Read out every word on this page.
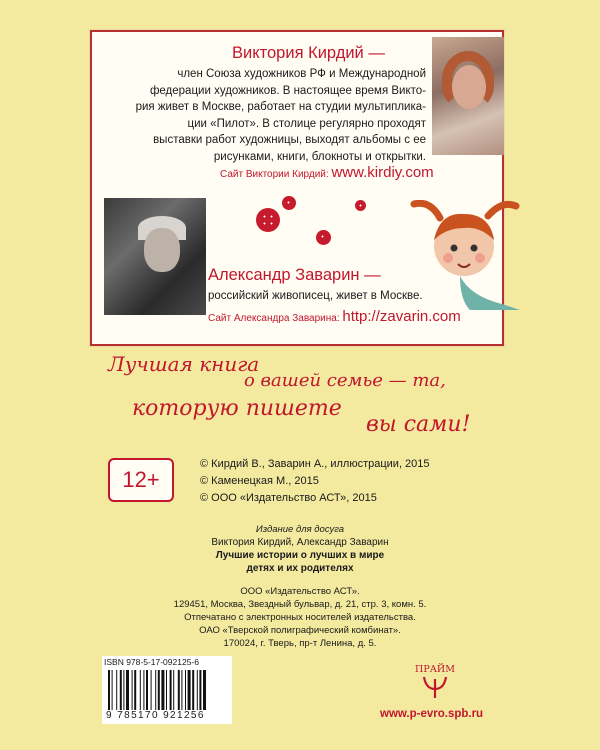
Виктория Кирдий —
член Союза художников РФ и Международной
федерации художников. В настоящее время Викто-
рия живет в Москве, работает на студии мультиплика-
ции «Пилот». В столице регулярно проходят
выставки работ художницы, выходят альбомы с ее
рисунками, книги, блокноты и открытки.
Сайт Виктории Кирдий: www.kirdiy.com
Александр Заварин —
российский живописец, живет в Москве.
Сайт Александра Заварина: http://zavarin.com
Лучшая книга
о вашей семье — та,
которую пишете
вы сами!
12+
© Кирдий В., Заварин А., иллюстрации, 2015
© Каменецкая М., 2015
© ООО «Издательство АСТ», 2015
Издание для досуга
Виктория Кирдий, Александр Заварин
Лучшие истории о лучших в мире
детях и их родителях
ООО «Издательство АСТ».
129451, Москва, Звездный бульвар, д. 21, стр. 3, комн. 5.
Отпечатано с электронных носителей издательства.
ОАО «Тверской полиграфический комбинат».
170024, г. Тверь, пр-т Ленина, д. 5.
ISBN 978-5-17-092125-6
9 785170 921256
ПРАЙМ
www.p-evro.spb.ru
